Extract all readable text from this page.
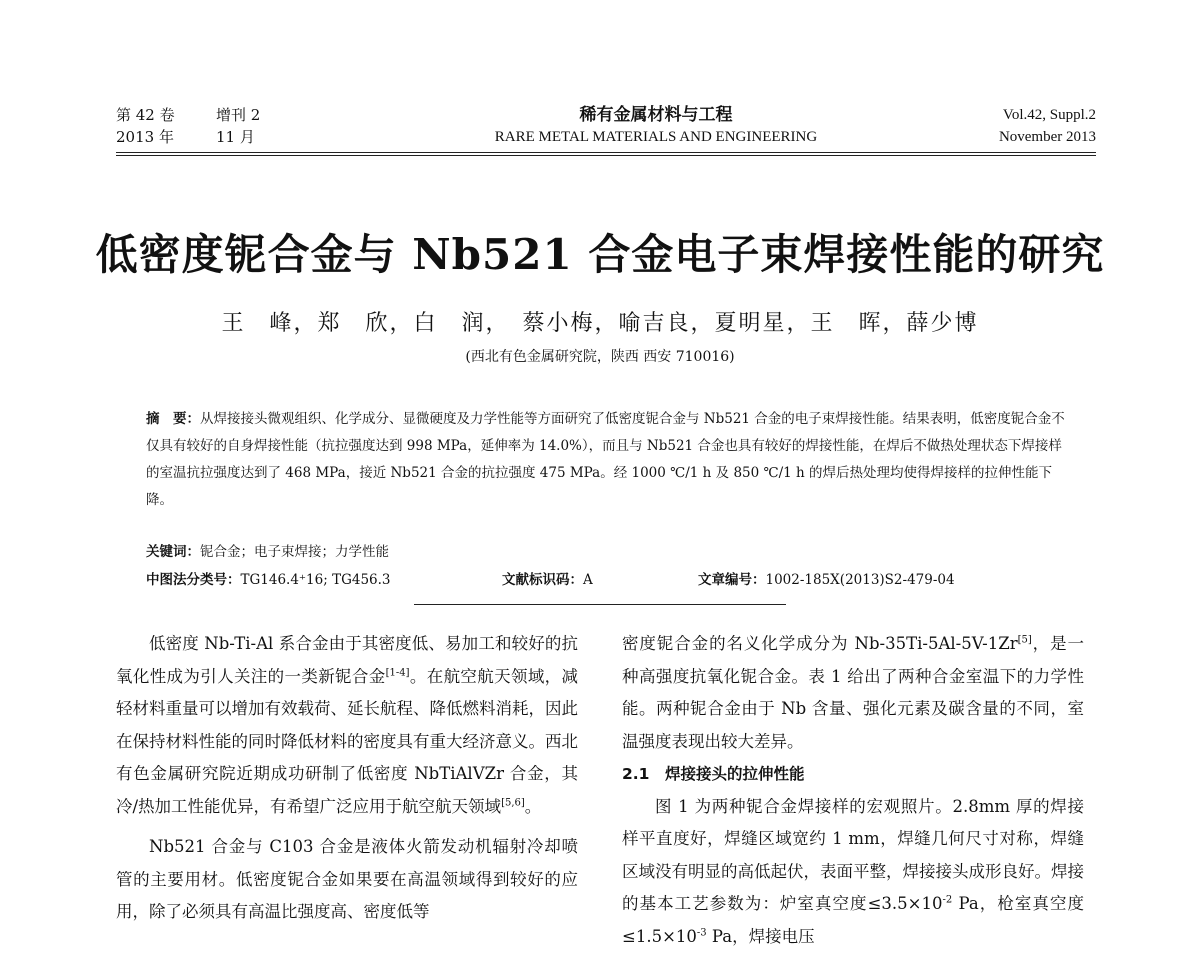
第 42 卷	增刊 2
2013 年	11 月
稀有金属材料与工程
RARE METAL MATERIALS AND ENGINEERING
Vol.42, Suppl.2
November 2013
低密度铌合金与 Nb521 合金电子束焊接性能的研究
王　峰，郑　欣，白　润，　蔡小梅，喻吉良，夏明星，王　晖，薛少博
(西北有色金属研究院，陕西 西安 710016)
摘　要：从焊接接头微观组织、化学成分、显微硬度及力学性能等方面研究了低密度铌合金与 Nb521 合金的电子束焊接性能。结果表明，低密度铌合金不仅具有较好的自身焊接性能（抗拉强度达到 998 MPa，延伸率为 14.0%），而且与 Nb521 合金也具有较好的焊接性能，在焊后不做热处理状态下焊接样的室温抗拉强度达到了 468 MPa，接近 Nb521 合金的抗拉强度 475 MPa。经 1000 ℃/1 h 及 850 ℃/1 h 的焊后热处理均使得焊接样的拉伸性能下降。
关键词：铌合金；电子束焊接；力学性能
中图法分类号：TG146.4⁺16; TG456.3	文献标识码：A	文章编号：1002-185X(2013)S2-479-04

低密度 Nb-Ti-Al 系合金由于其密度低、易加工和较好的抗氧化性成为引人关注的一类新铌合金[1-4]。在航空航天领域，减轻材料重量可以增加有效载荷、延长航程、降低燃料消耗，因此在保持材料性能的同时降低材料的密度具有重大经济意义。西北有色金属研究院近期成功研制了低密度 NbTiAlVZr 合金，其冷/热加工性能优异，有希望广泛应用于航空航天领域[5,6]。

Nb521 合金与 C103 合金是液体火箭发动机辐射冷却喷管的主要用材。低密度铌合金如果要在高温领域得到较好的应用，除了必须具有高温比强度高、密度低等

密度铌合金的名义化学成分为 Nb-35Ti-5Al-5V-1Zr[5]，是一种高强度抗氧化铌合金。表 1 给出了两种合金室温下的力学性能。两种铌合金由于 Nb 含量、强化元素及碳含量的不同，室温强度表现出较大差异。

2.1　焊接接头的拉伸性能

图 1 为两种铌合金焊接样的宏观照片。2.8mm 厚的焊接样平直度好，焊缝区域宽约 1 mm，焊缝几何尺寸对称，焊缝区域没有明显的高低起伏，表面平整，焊接接头成形良好。焊接的基本工艺参数为：炉室真空度$\le 3.5\times 10^{-2}$ Pa，枪室真空度$\le 1.5\times 10^{-3}$ Pa，焊接电压
